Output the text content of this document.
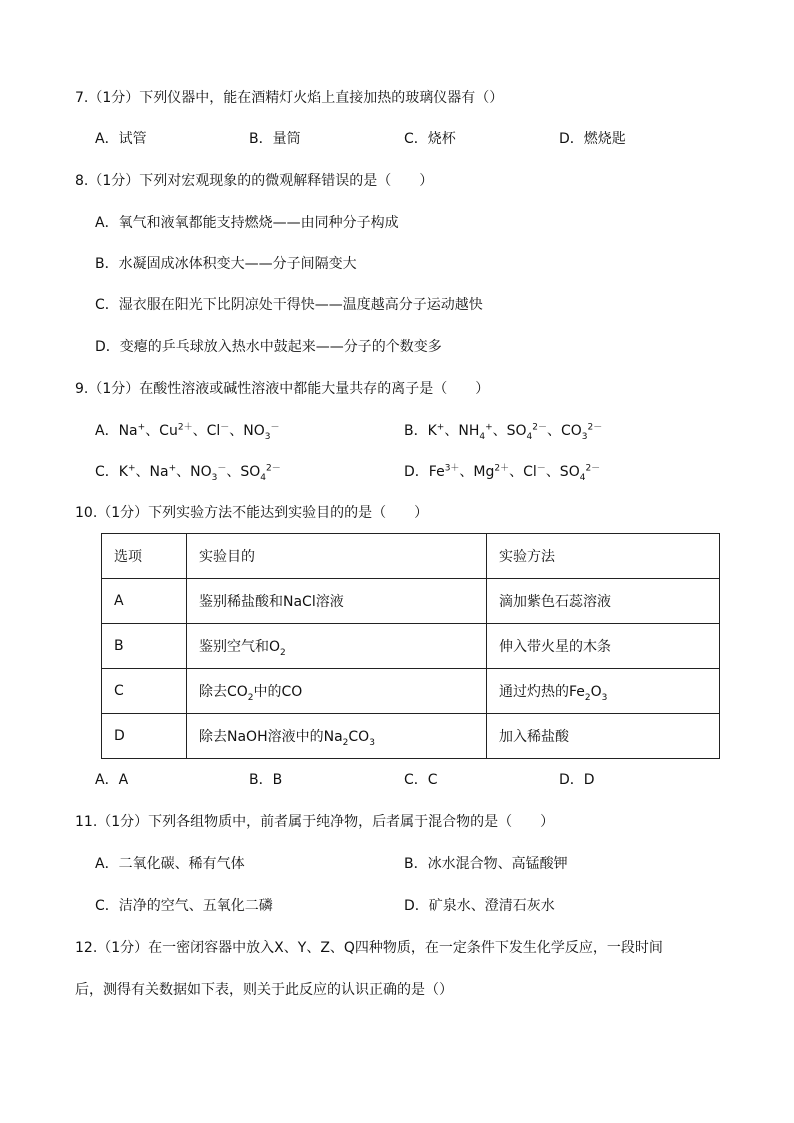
7.（1分）下列仪器中，能在酒精灯火焰上直接加热的玻璃仪器有（）
A．试管	B．量筒	C．烧杯	D．燃烧匙
8.（1分）下列对宏观现象的的微观解释错误的是（　　）
A．氧气和液氧都能支持燃烧——由同种分子构成
B．水凝固成冰体积变大——分子间隔变大
C．湿衣服在阳光下比阴凉处干得快——温度越高分子运动越快
D．变瘪的乒乓球放入热水中鼓起来——分子的个数变多
9.（1分）在酸性溶液或碱性溶液中都能大量共存的离子是（　　）
A．Na+、$Cu^{2+}$、Cl－、$NO_3^-$	B．K+、$NH_4^+$、$SO_4^{2-}$、$CO_3^{2-}$
C．K+、Na+、$NO_3^-$、$SO_4^{2-}$	D．$Fe^{3+}$、$Mg^{2+}$、Cl－、$SO_4^{2-}$
10.（1分）下列实验方法不能达到实验目的的是（　　）
选项	实验目的	实验方法
A	鉴别稀盐酸和NaCl溶液	滴加紫色石蕊溶液
B	鉴别空气和$O_2$	伸入带火星的木条
C	除去$CO_2$中的CO	通过灼热的$Fe_2O_3$
D	除去NaOH溶液中的$Na_2CO_3$	加入稀盐酸
A．A	B．B	C．C	D．D
11.（1分）下列各组物质中，前者属于纯净物，后者属于混合物的是（　　）
A．二氧化碳、稀有气体	B．冰水混合物、高锰酸钾
C．洁净的空气、五氧化二磷	D．矿泉水、澄清石灰水
12.（1分）在一密闭容器中放入X、Y、Z、Q四种物质，在一定条件下发生化学反应，一段时间
后，测得有关数据如下表，则关于此反应的认识正确的是（）
